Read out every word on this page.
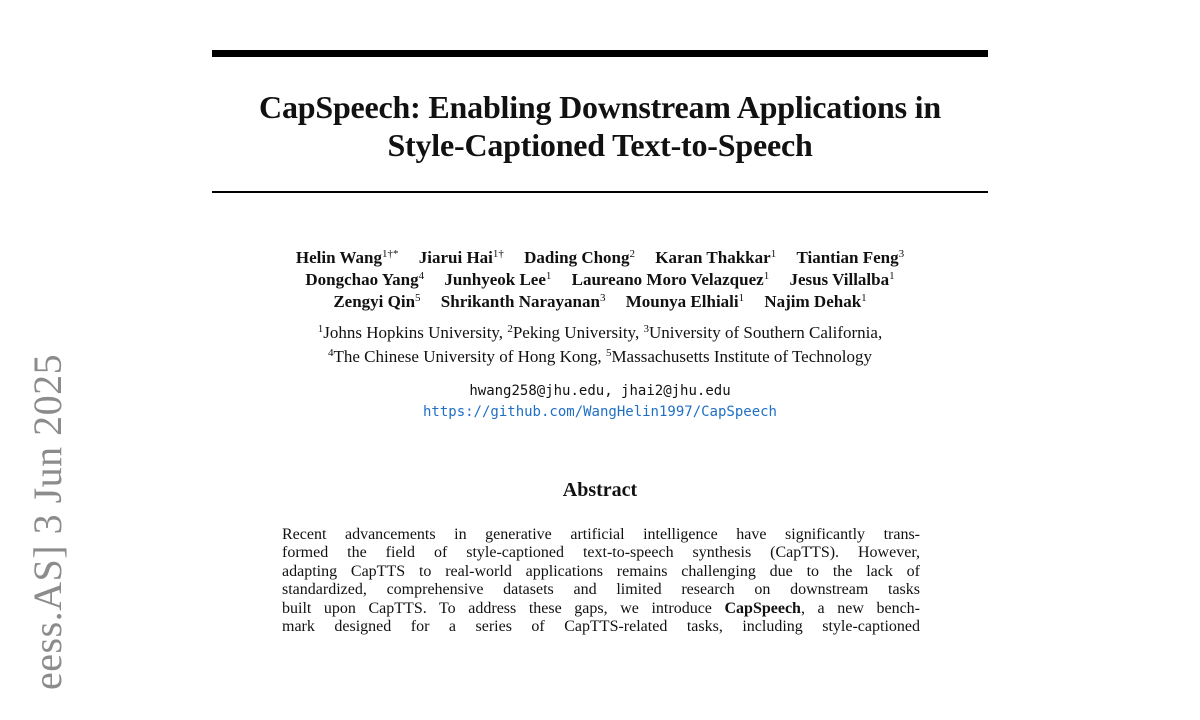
eess.AS] 3 Jun 2025
CapSpeech: Enabling Downstream Applications in
Style-Captioned Text-to-Speech
Helin Wang$^{1\dagger*}$ Jiarui Hai$^{1\dagger}$ Dading Chong$^2$ Karan Thakkar$^1$ Tiantian Feng$^3$
Dongchao Yang$^4$ Junhyeok Lee$^1$ Laureano Moro Velazquez$^1$ Jesus Villalba$^1$
Zengyi Qin$^5$ Shrikanth Narayanan$^3$ Mounya Elhiali$^1$ Najim Dehak$^1$
$^1$Johns Hopkins University, $^2$Peking University, $^3$University of Southern California,
$^4$The Chinese University of Hong Kong, $^5$Massachusetts Institute of Technology
hwang258@jhu.edu, jhai2@jhu.edu
https://github.com/WangHelin1997/CapSpeech
Abstract
Recent advancements in generative artificial intelligence have significantly trans-
formed the field of style-captioned text-to-speech synthesis (CapTTS). However,
adapting CapTTS to real-world applications remains challenging due to the lack of
standardized, comprehensive datasets and limited research on downstream tasks
built upon CapTTS. To address these gaps, we introduce CapSpeech, a new bench-
mark designed for a series of CapTTS-related tasks, including style-captioned
